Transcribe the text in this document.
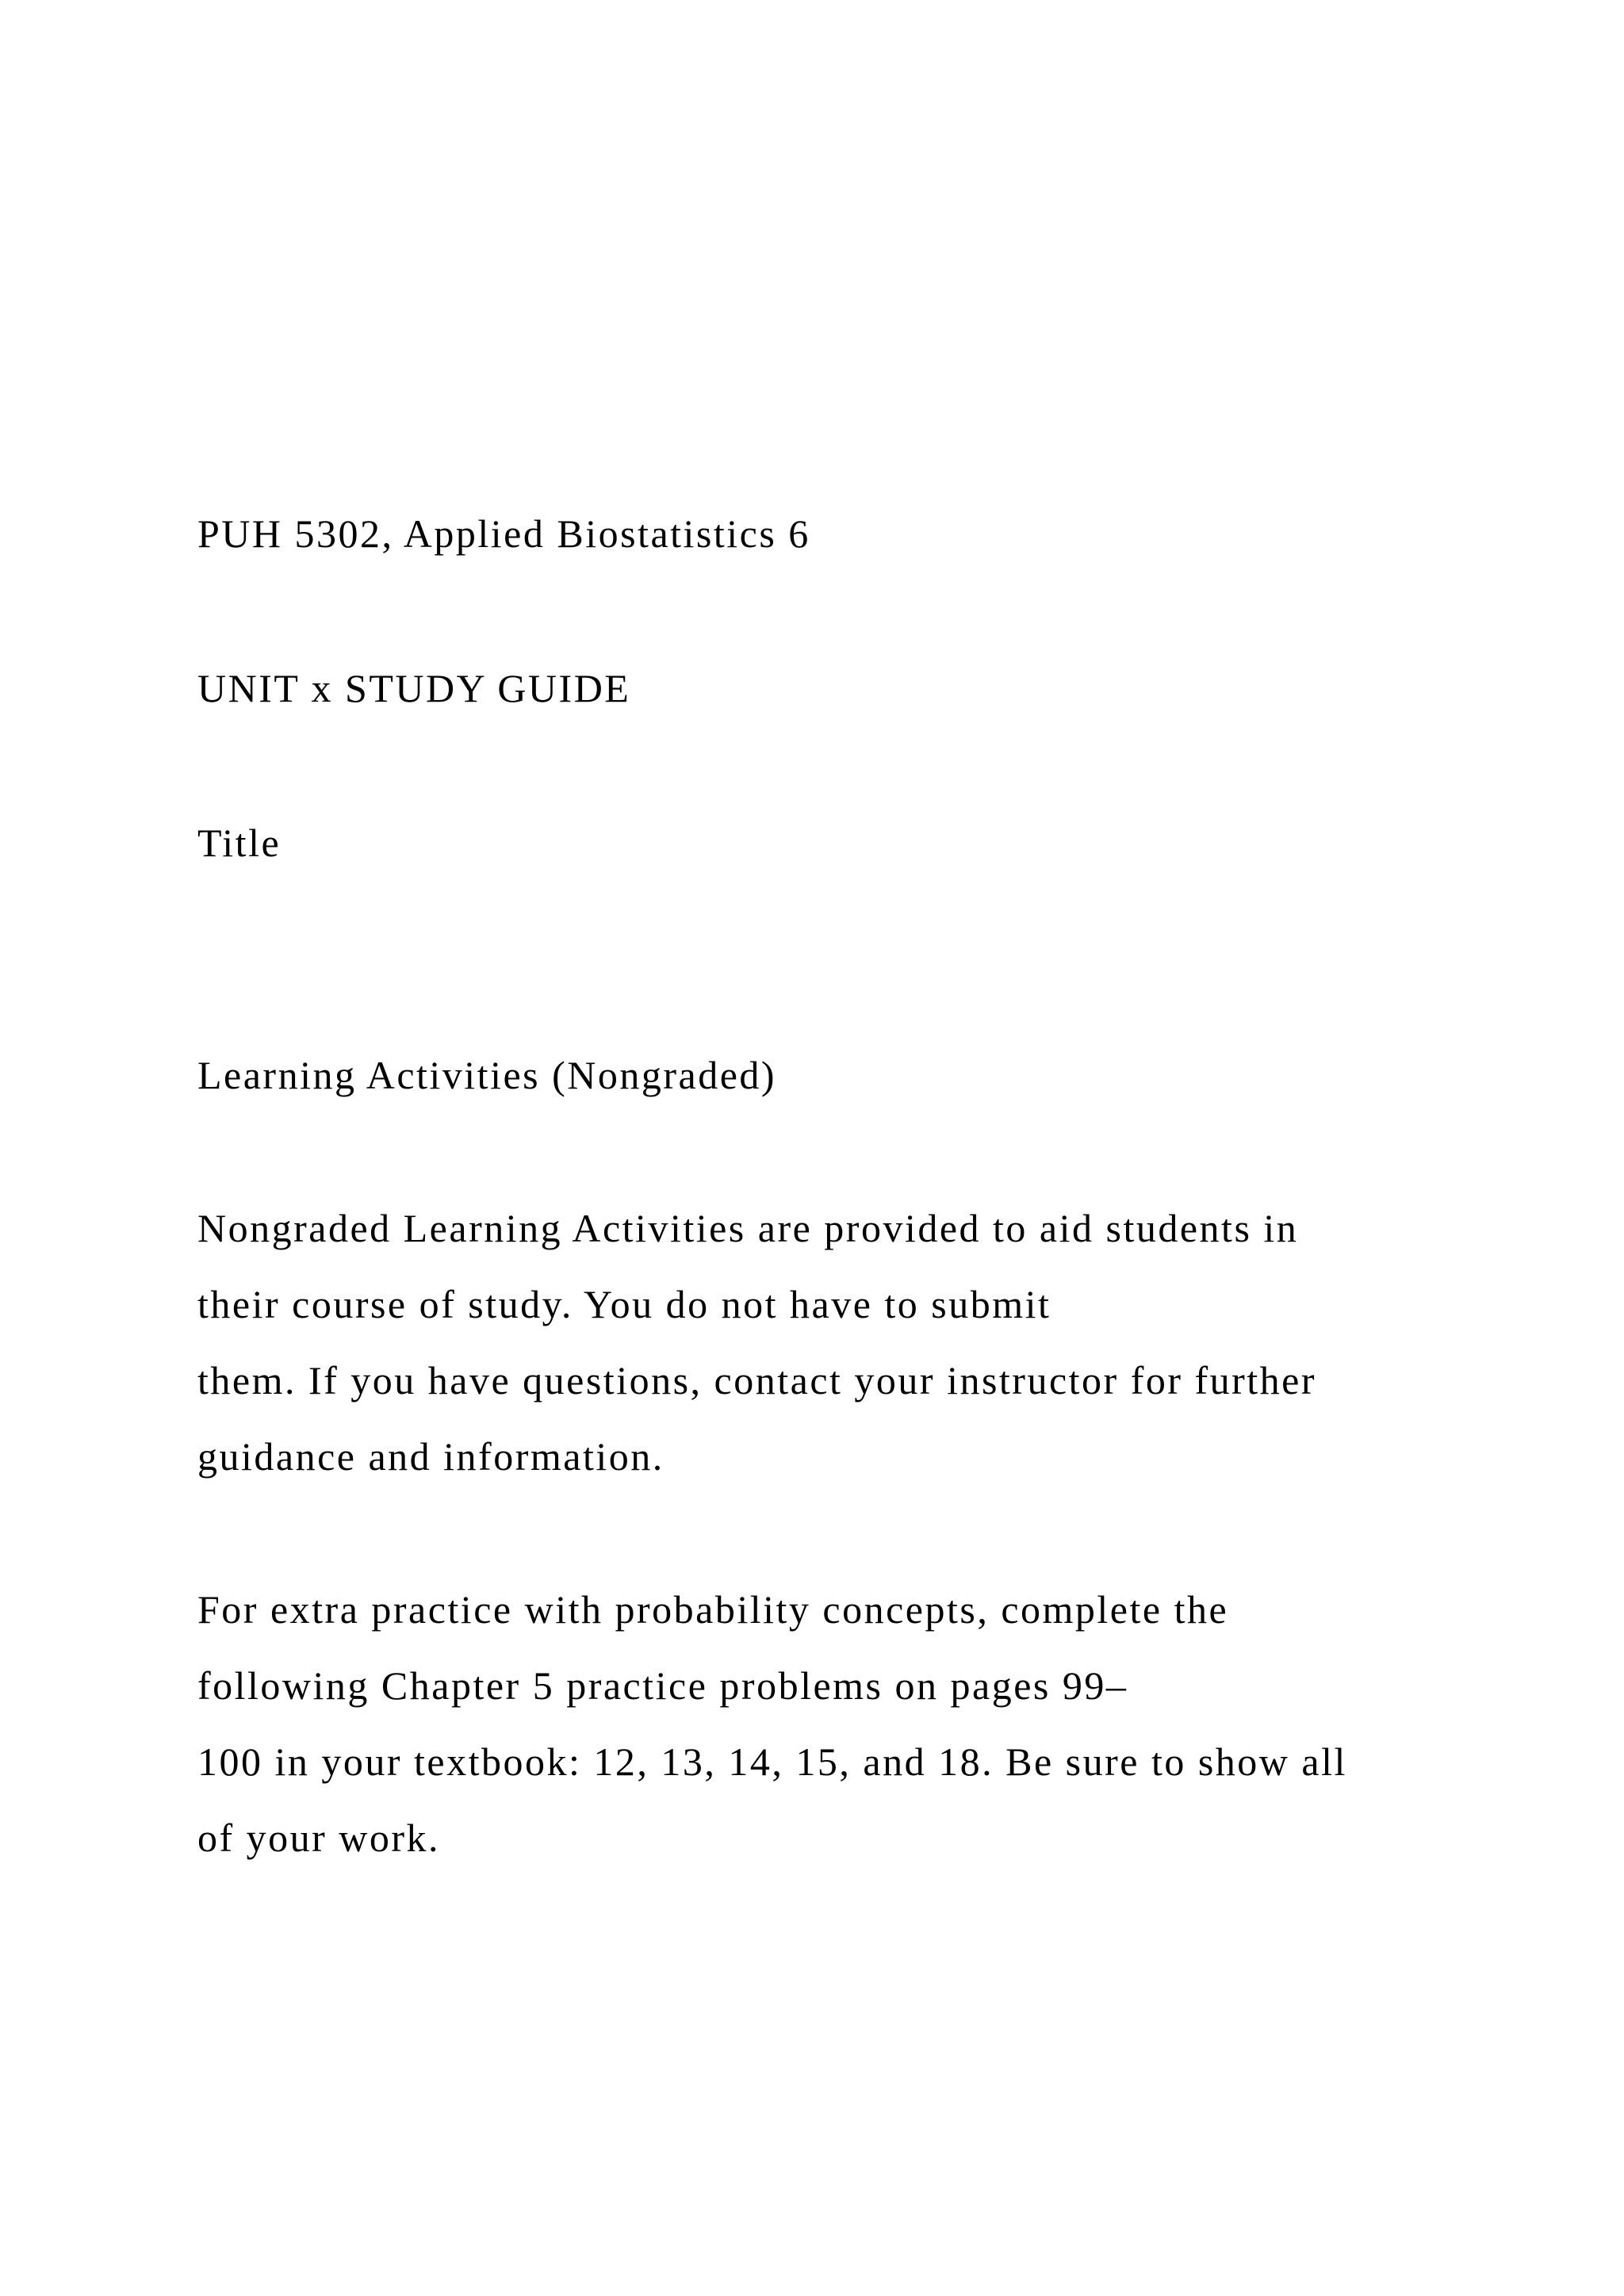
PUH 5302, Applied Biostatistics 6

UNIT x STUDY GUIDE

Title

Learning Activities (Nongraded)

Nongraded Learning Activities are provided to aid students in

their course of study. You do not have to submit

them. If you have questions, contact your instructor for further

guidance and information.

For extra practice with probability concepts, complete the

following Chapter 5 practice problems on pages 99–

100 in your textbook: 12, 13, 14, 15, and 18. Be sure to show all

of your work.
